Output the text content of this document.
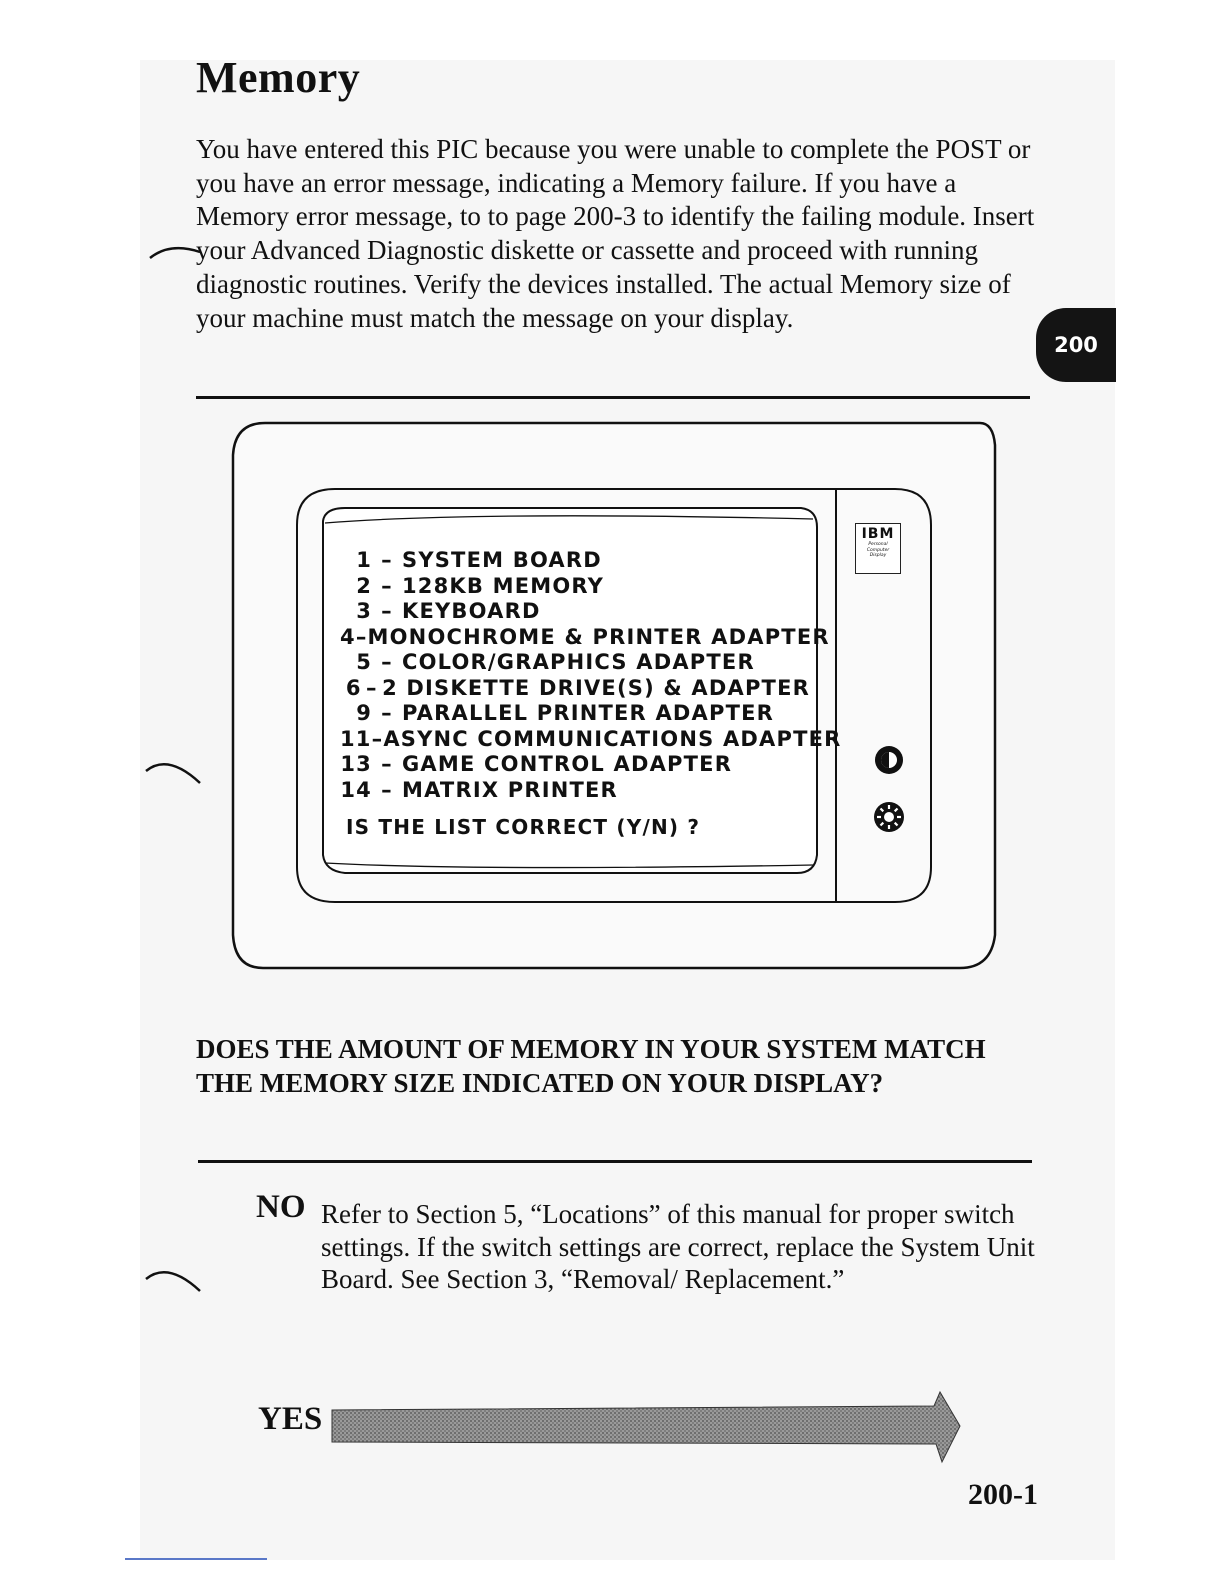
Memory

You have entered this PIC because you were unable to complete the POST or you have an error message, indicating a Memory failure. If you have a Memory error message, to to page 200-3 to identify the failing module. Insert your Advanced Diagnostic diskette or cassette and proceed with running diagnostic routines. Verify the devices installed. The actual Memory size of your machine must match the message on your display.

200
1 – SYSTEM BOARD
2 – 128KB MEMORY
3 – KEYBOARD
4 – MONOCHROME & PRINTER ADAPTER
5 – COLOR/GRAPHICS ADAPTER
6 – 2 DISKETTE DRIVE(S) & ADAPTER
9 – PARALLEL PRINTER ADAPTER
11 – ASYNC COMMUNICATIONS ADAPTER
13 – GAME CONTROL ADAPTER
14 – MATRIX PRINTER
IS THE LIST CORRECT (Y/N) ?
IBM
Personal
Computer
Display

DOES THE AMOUNT OF MEMORY IN YOUR SYSTEM MATCH THE MEMORY SIZE INDICATED ON YOUR DISPLAY?

NO Refer to Section 5, “Locations” of this manual for proper switch settings. If the switch settings are correct, replace the System Unit Board. See Section 3, “Removal/ Replacement.”

YES
200-1
